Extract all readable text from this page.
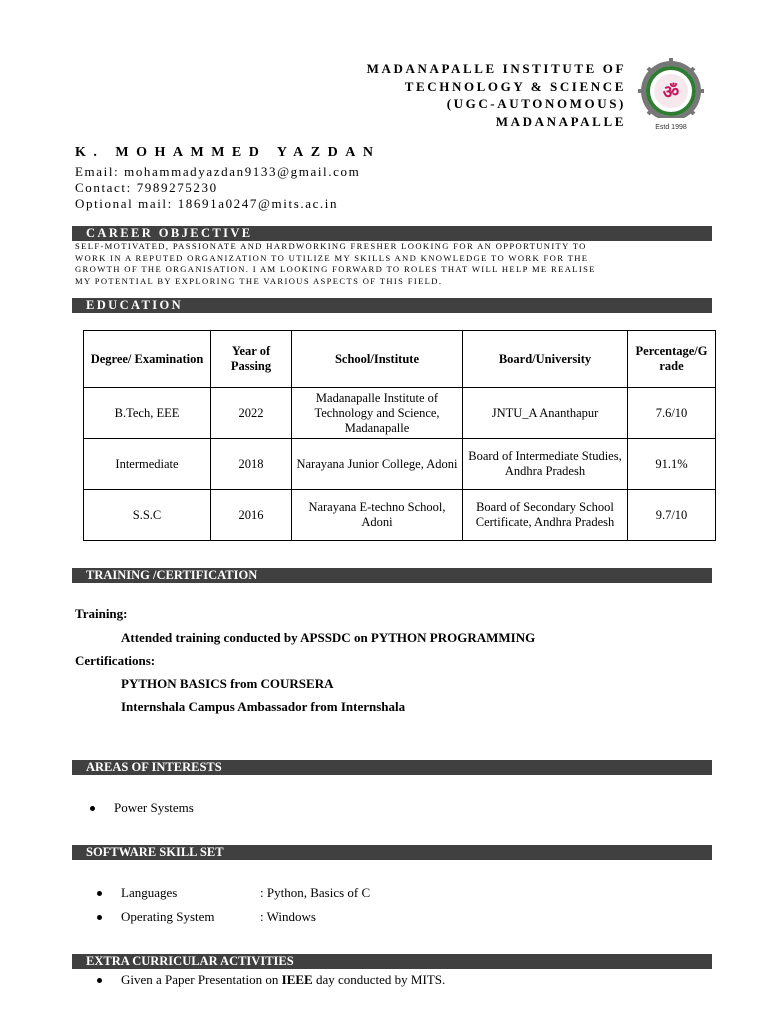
MADANAPALLE INSTITUTE OF
TECHNOLOGY & SCIENCE
(UGC-AUTONOMOUS)
MADANAPALLE
ॐ
Estd 1998
K. MOHAMMED YAZDAN
Email: mohammadyazdan9133@gmail.com
Contact: 7989275230
Optional mail: 18691a0247@mits.ac.in
CAREER OBJECTIVE
SELF-MOTIVATED, PASSIONATE AND HARDWORKING FRESHER LOOKING FOR AN OPPORTUNITY TO
WORK IN A REPUTED ORGANIZATION TO UTILIZE MY SKILLS AND KNOWLEDGE TO WORK FOR THE
GROWTH OF THE ORGANISATION. I AM LOOKING FORWARD TO ROLES THAT WILL HELP ME REALISE
MY POTENTIAL BY EXPLORING THE VARIOUS ASPECTS OF THIS FIELD.
EDUCATION
Degree/ Examination	Year of Passing	School/Institute	Board/University	Percentage/G rade
B.Tech, EEE	2022	Madanapalle Institute of Technology and Science, Madanapalle	JNTU_A Ananthapur	7.6/10
Intermediate	2018	Narayana Junior College, Adoni	Board of Intermediate Studies, Andhra Pradesh	91.1%
S.S.C	2016	Narayana E-techno School, Adoni	Board of Secondary School Certificate, Andhra Pradesh	9.7/10
TRAINING /CERTIFICATION
Training:
Attended training conducted by APSSDC on PYTHON PROGRAMMING
Certifications:
PYTHON BASICS from COURSERA
Internshala Campus Ambassador from Internshala
AREAS OF INTERESTS
Power Systems
SOFTWARE SKILL SET
Languages	: Python, Basics of C
Operating System	: Windows
EXTRA CURRICULAR ACTIVITIES
Given a Paper Presentation on IEEE day conducted by MITS.
